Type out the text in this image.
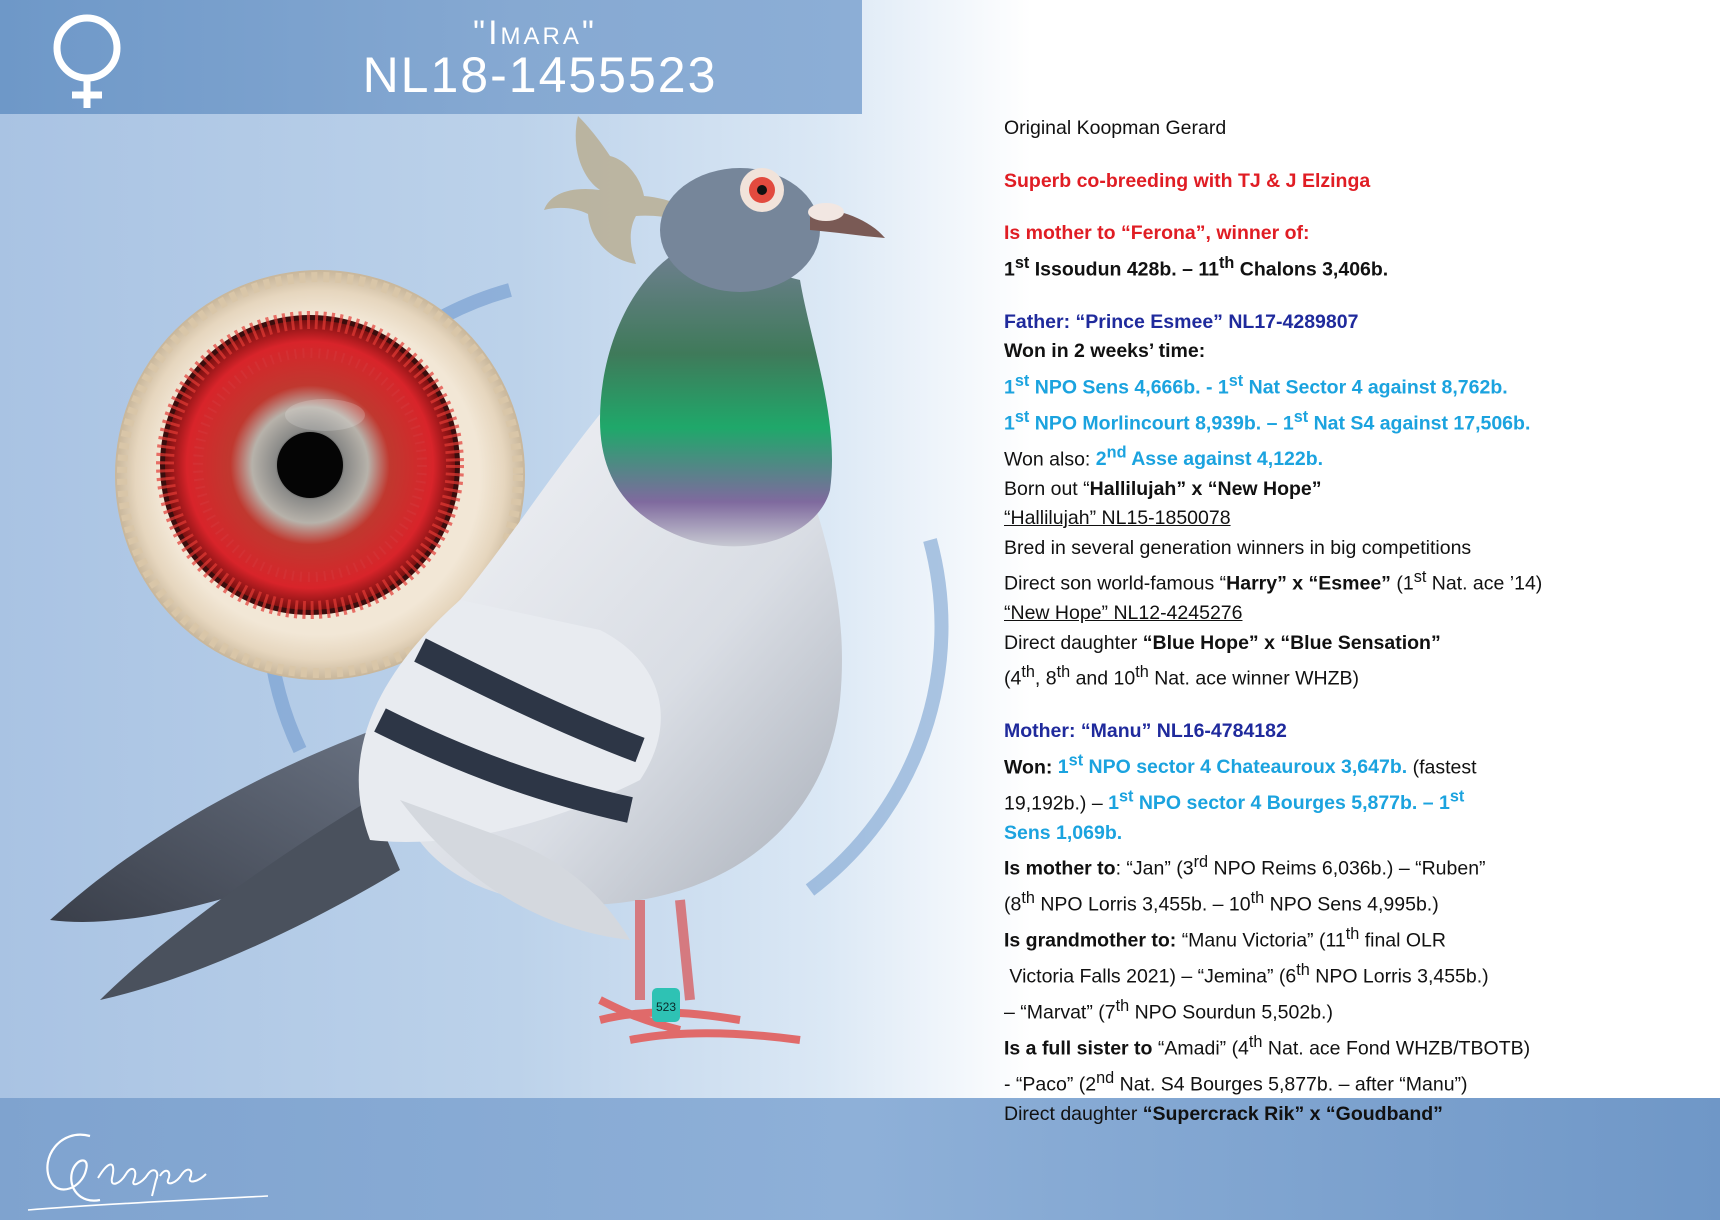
"Imara"
NL18-1455523
523

Original Koopman Gerard

Superb co-breeding with TJ & J Elzinga

Is mother to “Ferona”, winner of:

1st Issoudun 428b. – 11th Chalons 3,406b.

Father: “Prince Esmee” NL17-4289807

Won in 2 weeks’ time:

1st NPO Sens 4,666b. - 1st Nat Sector 4 against 8,762b.

1st NPO Morlincourt 8,939b. – 1st Nat S4 against 17,506b.

Won also: 2nd Asse against 4,122b.

Born out “Hallilujah” x “New Hope”

“Hallilujah” NL15-1850078

Bred in several generation winners in big competitions

Direct son world-famous “Harry” x “Esmee” (1st Nat. ace ’14)

“New Hope” NL12-4245276

Direct daughter “Blue Hope” x “Blue Sensation”

(4th, 8th and 10th Nat. ace winner WHZB)

Mother: “Manu” NL16-4784182

Won: 1st NPO sector 4 Chateauroux 3,647b. (fastest

19,192b.) – 1st NPO sector 4 Bourges 5,877b. – 1st

Sens 1,069b.

Is mother to: “Jan” (3rd NPO Reims 6,036b.) – “Ruben”

(8th NPO Lorris 3,455b. – 10th NPO Sens 4,995b.)

Is grandmother to: “Manu Victoria” (11th final OLR

Victoria Falls 2021) – “Jemina” (6th NPO Lorris 3,455b.)

– “Marvat” (7th NPO Sourdun 5,502b.)

Is a full sister to “Amadi” (4th Nat. ace Fond WHZB/TBOTB)

- “Paco” (2nd Nat. S4 Bourges 5,877b. – after “Manu”)

Direct daughter “Supercrack Rik” x “Goudband”
